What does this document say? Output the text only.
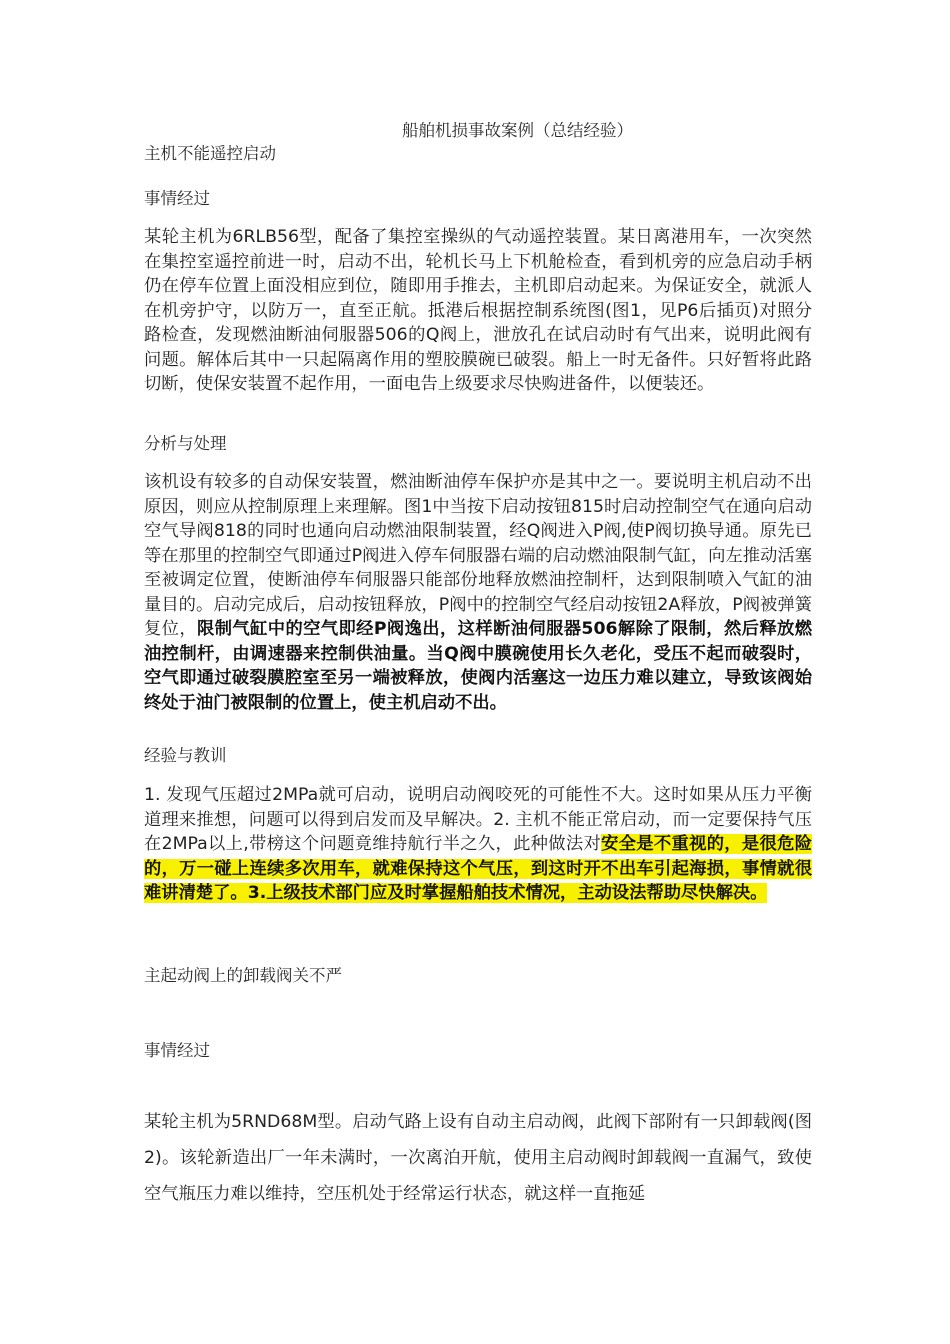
船舶机损事故案例（总结经验）
主机不能遥控启动
事情经过

某轮主机为6RLB56型，配备了集控室操纵的气动遥控装置。某日离港用车，一次突然在集控室遥控前进一时，启动不出，轮机长马上下机舱检查，看到机旁的应急启动手柄仍在停车位置上面没相应到位，随即用手推去，主机即启动起来。为保证安全，就派人在机旁护守，以防万一，直至正航。抵港后根据控制系统图(图1，见P6后插页)对照分路检查，发现燃油断油伺服器506的Q阀上，泄放孔在试启动时有气出来，说明此阀有问题。解体后其中一只起隔离作用的塑胶膜碗已破裂。船上一时无备件。只好暂将此路切断，使保安装置不起作用，一面电告上级要求尽快购进备件，以便装还。

分析与处理

该机设有较多的自动保安装置，燃油断油停车保护亦是其中之一。要说明主机启动不出原因，则应从控制原理上来理解。图1中当按下启动按钮815时启动控制空气在通向启动空气导阀818的同时也通向启动燃油限制装置，经Q阀进入P阀,使P阀切换导通。原先已等在那里的控制空气即通过P阀进入停车伺服器右端的启动燃油限制气缸，向左推动活塞至被调定位置，使断油停车伺服器只能部份地释放燃油控制杆，达到限制喷入气缸的油量目的。启动完成后，启动按钮释放，P阀中的控制空气经启动按钮2A释放，P阀被弹簧复位，限制气缸中的空气即经P阀逸出，这样断油伺服器506解除了限制，然后释放燃油控制杆，由调速器来控制供油量。当Q阀中膜碗使用长久老化，受压不起而破裂时，空气即通过破裂膜腔室至另一端被释放，使阀内活塞这一边压力难以建立，导致该阀始终处于油门被限制的位置上，使主机启动不出。

经验与教训

1. 发现气压超过2MPa就可启动，说明启动阀咬死的可能性不大。这时如果从压力平衡道理来推想，问题可以得到启发而及早解决。2. 主机不能正常启动，而一定要保持气压在2MPa以上,带榜这个问题竟维持航行半之久，此种做法对安全是不重视的，是很危险的，万一碰上连续多次用车，就难保持这个气压，到这时开不出车引起海损，事情就很难讲清楚了。3.上级技术部门应及时掌握船舶技术情况，主动设法帮助尽快解决。

主起动阀上的卸载阀关不严
事情经过

某轮主机为5RND68M型。启动气路上设有自动主启动阀，此阀下部附有一只卸载阀(图2)。该轮新造出厂一年未满时，一次离泊开航，使用主启动阀时卸载阀一直漏气，致使空气瓶压力难以维持，空压机处于经常运行状态，就这样一直拖延
